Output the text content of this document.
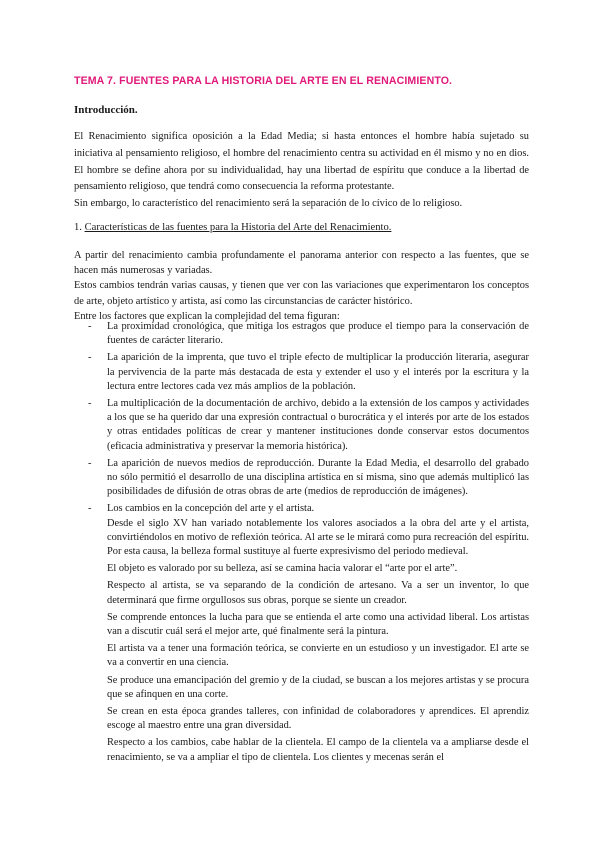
TEMA 7. FUENTES PARA LA HISTORIA DEL ARTE EN EL RENACIMIENTO.
Introducción.
El Renacimiento significa oposición a la Edad Media; si hasta entonces el hombre había sujetado su iniciativa al pensamiento religioso, el hombre del renacimiento centra su actividad en él mismo y no en dios. El hombre se define ahora por su individualidad, hay una libertad de espíritu que conduce a la libertad de pensamiento religioso, que tendrá como consecuencia la reforma protestante.
Sin embargo, lo característico del renacimiento será la separación de lo cívico de lo religioso.
1. Características de las fuentes para la Historia del Arte del Renacimiento.
A partir del renacimiento cambia profundamente el panorama anterior con respecto a las fuentes, que se hacen más numerosas y variadas.
Estos cambios tendrán varias causas, y tienen que ver con las variaciones que experimentaron los conceptos de arte, objeto artístico y artista, así como las circunstancias de carácter histórico.
Entre los factores que explican la complejidad del tema figuran:
- La proximidad cronológica, que mitiga los estragos que produce el tiempo para la conservación de fuentes de carácter literario.
- La aparición de la imprenta, que tuvo el triple efecto de multiplicar la producción literaria, asegurar la pervivencia de la parte más destacada de esta y extender el uso y el interés por la escritura y la lectura entre lectores cada vez más amplios de la población.
- La multiplicación de la documentación de archivo, debido a la extensión de los campos y actividades a los que se ha querido dar una expresión contractual o burocrática y el interés por arte de los estados y otras entidades políticas de crear y mantener instituciones donde conservar estos documentos (eficacia administrativa y preservar la memoria histórica).
- La aparición de nuevos medios de reproducción. Durante la Edad Media, el desarrollo del grabado no sólo permitió el desarrollo de una disciplina artística en sí misma, sino que además multiplicó las posibilidades de difusión de otras obras de arte (medios de reproducción de imágenes).
- Los cambios en la concepción del arte y el artista.
Desde el siglo XV han variado notablemente los valores asociados a la obra del arte y el artista, convirtiéndolos en motivo de reflexión teórica. Al arte se le mirará como pura recreación del espíritu. Por esta causa, la belleza formal sustituye al fuerte expresivismo del periodo medieval.
El objeto es valorado por su belleza, así se camina hacia valorar el “arte por el arte”.
Respecto al artista, se va separando de la condición de artesano. Va a ser un inventor, lo que determinará que firme orgullosos sus obras, porque se siente un creador.
Se comprende entonces la lucha para que se entienda el arte como una actividad liberal. Los artistas van a discutir cuál será el mejor arte, qué finalmente será la pintura.
El artista va a tener una formación teórica, se convierte en un estudioso y un investigador. El arte se va a convertir en una ciencia.
Se produce una emancipación del gremio y de la ciudad, se buscan a los mejores artistas y se procura que se afinquen en una corte.
Se crean en esta época grandes talleres, con infinidad de colaboradores y aprendices. El aprendiz escoge al maestro entre una gran diversidad.
Respecto a los cambios, cabe hablar de la clientela. El campo de la clientela va a ampliarse desde el renacimiento, se va a ampliar el tipo de clientela. Los clientes y mecenas serán el
